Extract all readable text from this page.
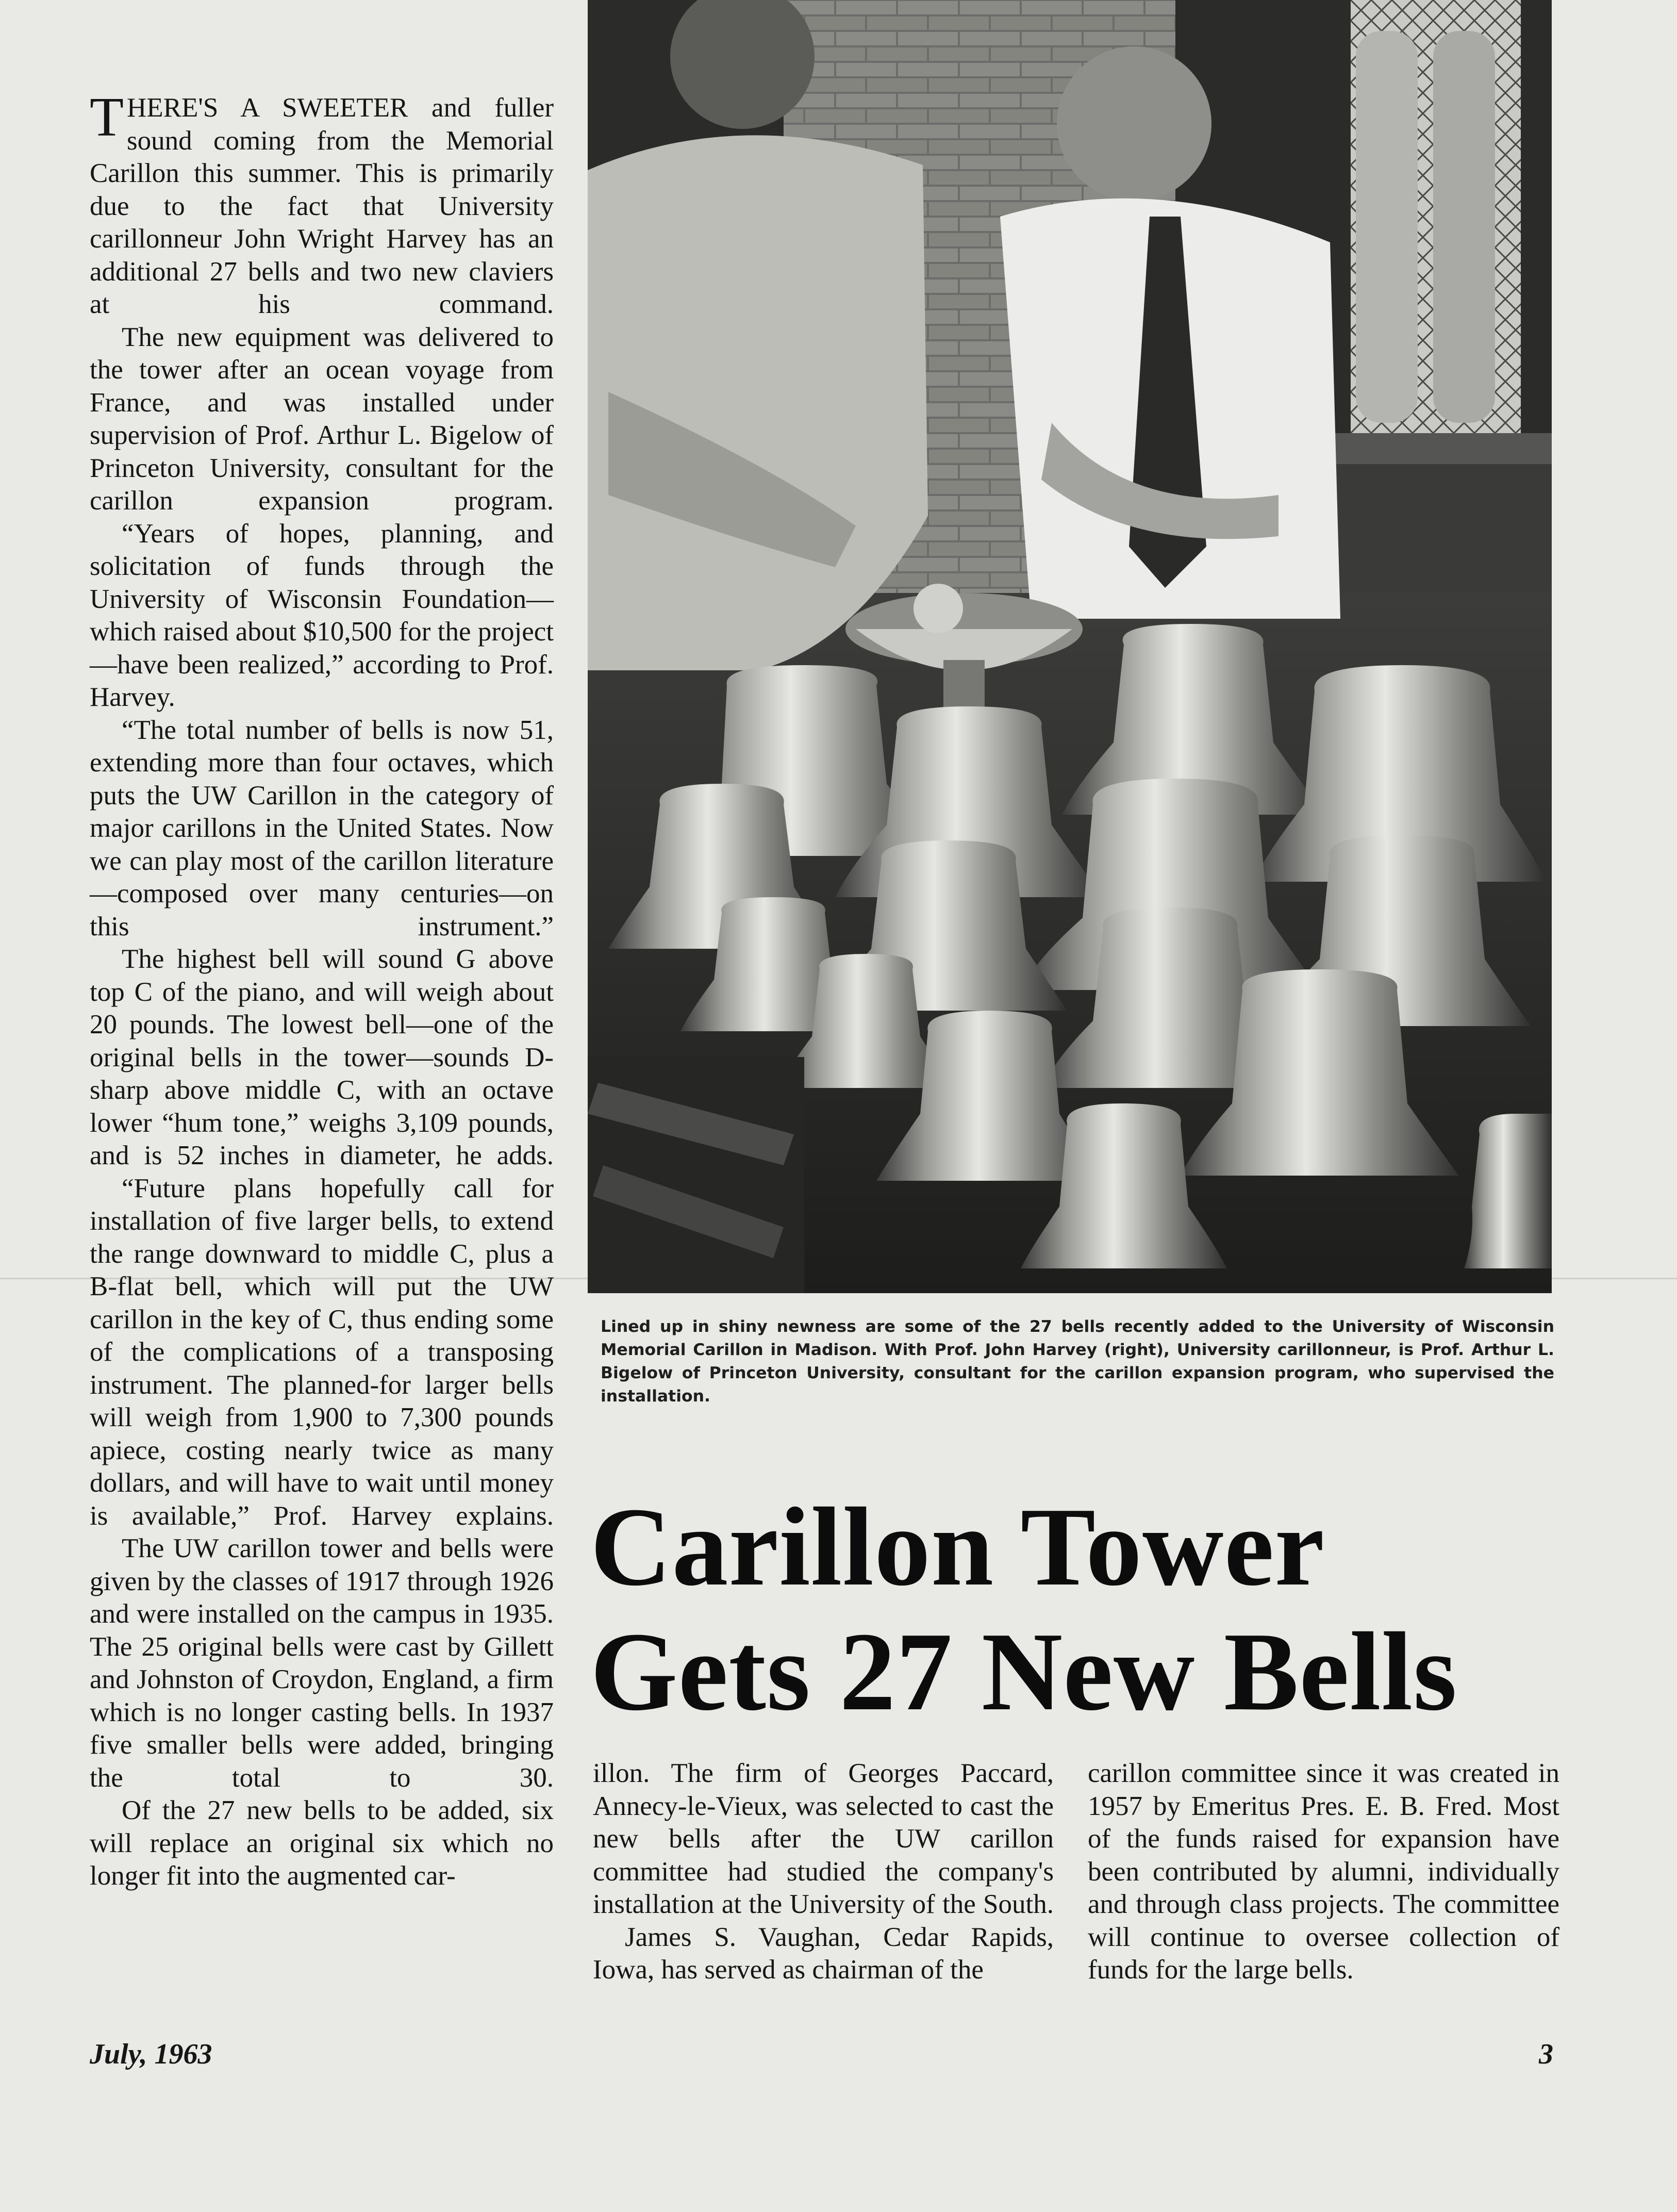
THERE'S A SWEETER and fuller sound coming from the Memorial Carillon this summer. This is primarily due to the fact that University carillonneur John Wright Harvey has an additional 27 bells and two new claviers at his command.

The new equipment was delivered to the tower after an ocean voyage from France, and was installed under supervision of Prof. Arthur L. Bigelow of Princeton University, consultant for the carillon expansion program.

“Years of hopes, planning, and solicitation of funds through the University of Wisconsin Foundation—which raised about $10,500 for the project—have been realized,” according to Prof. Harvey.

“The total number of bells is now 51, extending more than four octaves, which puts the UW Carillon in the category of major carillons in the United States. Now we can play most of the carillon literature—composed over many centuries—on this instrument.”

The highest bell will sound G above top C of the piano, and will weigh about 20 pounds. The lowest bell—one of the original bells in the tower—sounds D-sharp above middle C, with an octave lower “hum tone,” weighs 3,109 pounds, and is 52 inches in diameter, he adds.

“Future plans hopefully call for installation of five larger bells, to extend the range downward to middle C, plus a B-flat bell, which will put the UW carillon in the key of C, thus ending some of the complications of a transposing instrument. The planned-for larger bells will weigh from 1,900 to 7,300 pounds apiece, costing nearly twice as many dollars, and will have to wait until money is available,” Prof. Harvey explains.

The UW carillon tower and bells were given by the classes of 1917 through 1926 and were installed on the campus in 1935. The 25 original bells were cast by Gillett and Johnston of Croydon, England, a firm which is no longer casting bells. In 1937 five smaller bells were added, bringing the total to 30.

Of the 27 new bells to be added, six will replace an original six which no longer fit into the augmented car-

Lined up in shiny newness are some of the 27 bells recently added to the University of Wisconsin Memorial Carillon in Madison. With Prof. John Harvey (right), University carillonneur, is Prof. Arthur L. Bigelow of Princeton University, consultant for the carillon expansion program, who supervised the installation.
Carillon Tower
Gets 27 New Bells

illon. The firm of Georges Paccard, Annecy-le-Vieux, was selected to cast the new bells after the UW carillon committee had studied the company's installation at the University of the South.

James S. Vaughan, Cedar Rapids, Iowa, has served as chairman of the

carillon committee since it was created in 1957 by Emeritus Pres. E. B. Fred. Most of the funds raised for expansion have been contributed by alumni, individually and through class projects. The committee will continue to oversee collection of funds for the large bells.

July, 1963	3
